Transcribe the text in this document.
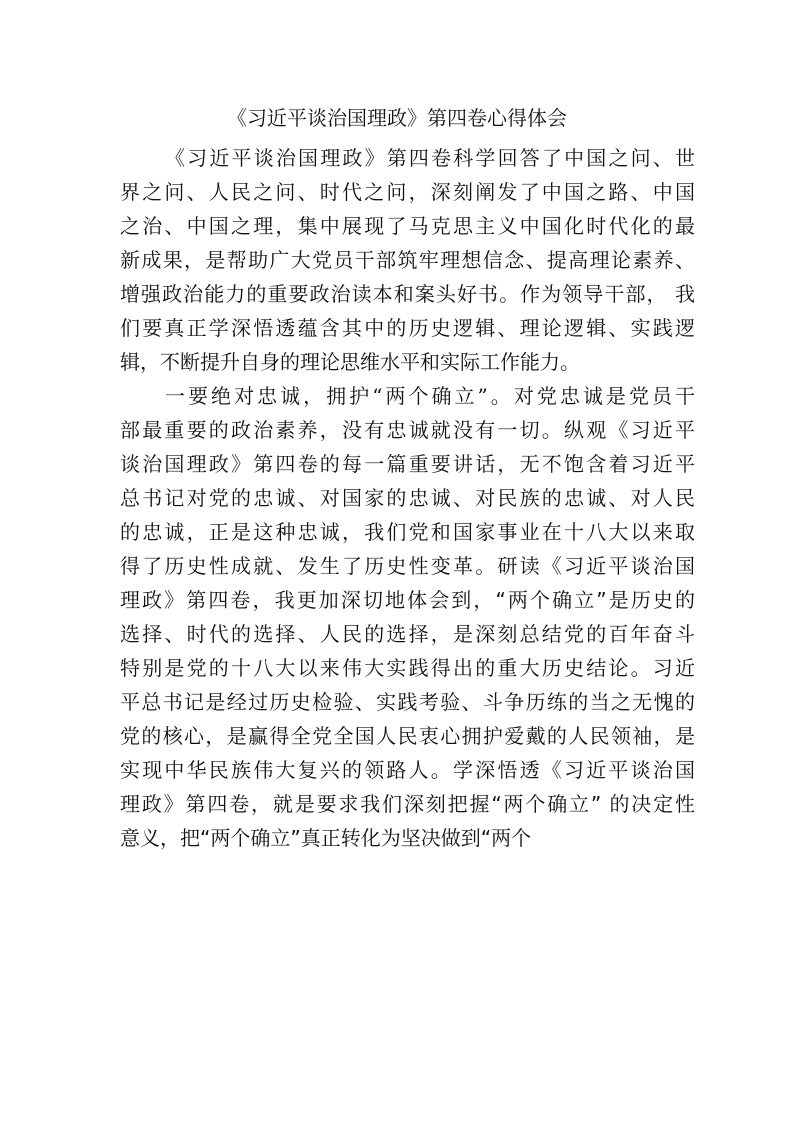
《习近平谈治国理政》第四卷心得体会
《习近平谈治国理政》第四卷科学回答了中国之问、世
界之问、人民之问、时代之问，深刻阐发了中国之路、中国
之治、中国之理，集中展现了马克思主义中国化时代化的最
新成果，是帮助广大党员干部筑牢理想信念、提高理论素养、
增强政治能力的重要政治读本和案头好书。作为领导干部， 我
们要真正学深悟透蕴含其中的历史逻辑、理论逻辑、实践逻
辑，不断提升自身的理论思维水平和实际工作能力。
一要绝对忠诚，拥护“两个确立”。对党忠诚是党员干
部最重要的政治素养，没有忠诚就没有一切。纵观《习近平
谈治国理政》第四卷的每一篇重要讲话，无不饱含着习近平
总书记对党的忠诚、对国家的忠诚、对民族的忠诚、对人民
的忠诚，正是这种忠诚，我们党和国家事业在十八大以来取
得了历史性成就、发生了历史性变革。研读《习近平谈治国
理政》第四卷，我更加深切地体会到，“两个确立”是历史的
选择、时代的选择、人民的选择，是深刻总结党的百年奋斗
特别是党的十八大以来伟大实践得出的重大历史结论。习近
平总书记是经过历史检验、实践考验、斗争历练的当之无愧的
党的核心，是赢得全党全国人民衷心拥护爱戴的人民领袖，是
实现中华民族伟大复兴的领路人。学深悟透《习近平谈治国
理政》第四卷，就是要求我们深刻把握“两个确立” 的决定性
意义，把“两个确立”真正转化为坚决做到“两个
